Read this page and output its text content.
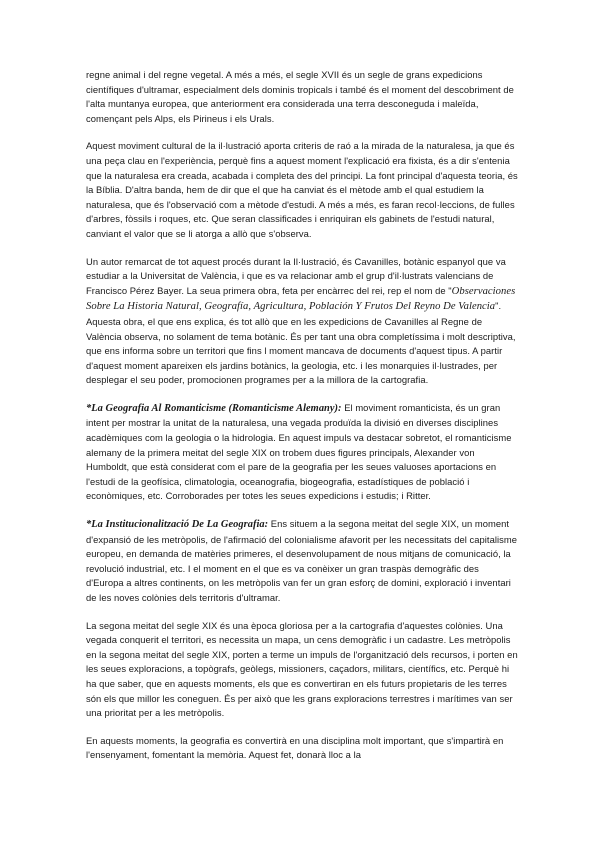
regne animal i del regne vegetal. A més a més, el segle XVII és un segle de grans expedicions científiques d'ultramar, especialment dels dominis tropicals i també és el moment del descobriment de l'alta muntanya europea, que anteriorment era considerada una terra desconeguda i maleïda, començant pels Alps, els Pirineus i els Urals.

Aquest moviment cultural de la il·lustració aporta criteris de raó a la mirada de la naturalesa, ja que és una peça clau en l'experiència, perquè fins a aquest moment l'explicació era fixista, és a dir s'entenia que la naturalesa era creada, acabada i completa des del principi. La font principal d'aquesta teoria, és la Bíblia. D'altra banda, hem de dir que el que ha canviat és el mètode amb el qual estudiem la naturalesa, que és l'observació com a mètode d'estudi. A més a més, es faran recol·leccions, de fulles d'arbres, fòssils i roques, etc. Que seran classificades i enriquiran els gabinets de l'estudi natural, canviant el valor que se li atorga a allò que s'observa.

Un autor remarcat de tot aquest procés durant la Il·lustració, és Cavanilles, botànic espanyol que va estudiar a la Universitat de València, i que es va relacionar amb el grup d'il·lustrats valencians de Francisco Pérez Bayer. La seua primera obra, feta per encàrrec del rei, rep el nom de "Observaciones Sobre La Historia Natural, Geografía, Agricultura, Población Y Frutos Del Reyno De Valencia". Aquesta obra, el que ens explica, és tot allò que en les expedicions de Cavanilles al Regne de València observa, no solament de tema botànic. És per tant una obra completíssima i molt descriptiva, que ens informa sobre un territori que fins l moment mancava de documents d'aquest tipus. A partir d'aquest moment apareixen els jardins botànics, la geologia, etc. i les monarquies il·lustrades, per desplegar el seu poder, promocionen programes per a la millora de la cartografia.

*La Geografia Al Romanticisme (Romanticisme Alemany): El moviment romanticista, és un gran intent per mostrar la unitat de la naturalesa, una vegada produïda la divisió en diverses disciplines acadèmiques com la geologia o la hidrologia. En aquest impuls va destacar sobretot, el romanticisme alemany de la primera meitat del segle XIX on trobem dues figures principals, Alexander von Humboldt, que està considerat com el pare de la geografia per les seues valuoses aportacions en l'estudi de la geofísica, climatologia, oceanografia, biogeografia, estadístiques de població i econòmiques, etc. Corroborades per totes les seues expedicions i estudis; i Ritter.

*La Institucionalització De La Geografia: Ens situem a la segona meitat del segle XIX, un moment d'expansió de les metròpolis, de l'afirmació del colonialisme afavorit per les necessitats del capitalisme europeu, en demanda de matèries primeres, el desenvolupament de nous mitjans de comunicació, la revolució industrial, etc. I el moment en el que es va conèixer un gran traspàs demogràfic des d'Europa a altres continents, on les metròpolis van fer un gran esforç de domini, exploració i inventari de les noves colònies dels territoris d'ultramar.

La segona meitat del segle XIX és una època gloriosa per a la cartografia d'aquestes colònies. Una vegada conquerit el territori, es necessita un mapa, un cens demogràfic i un cadastre. Les metròpolis en la segona meitat del segle XIX, porten a terme un impuls de l'organització dels recursos, i porten en les seues exploracions, a topògrafs, geòlegs, missioners, caçadors, militars, científics, etc. Perquè hi ha que saber, que en aquests moments, els que es convertiran en els futurs propietaris de les terres són els que millor les coneguen. És per això que les grans exploracions terrestres i marítimes van ser una prioritat per a les metròpolis.

En aquests moments, la geografia es convertirà en una disciplina molt important, que s'impartirà en l'ensenyament, fomentant la memòria. Aquest fet, donarà lloc a la
